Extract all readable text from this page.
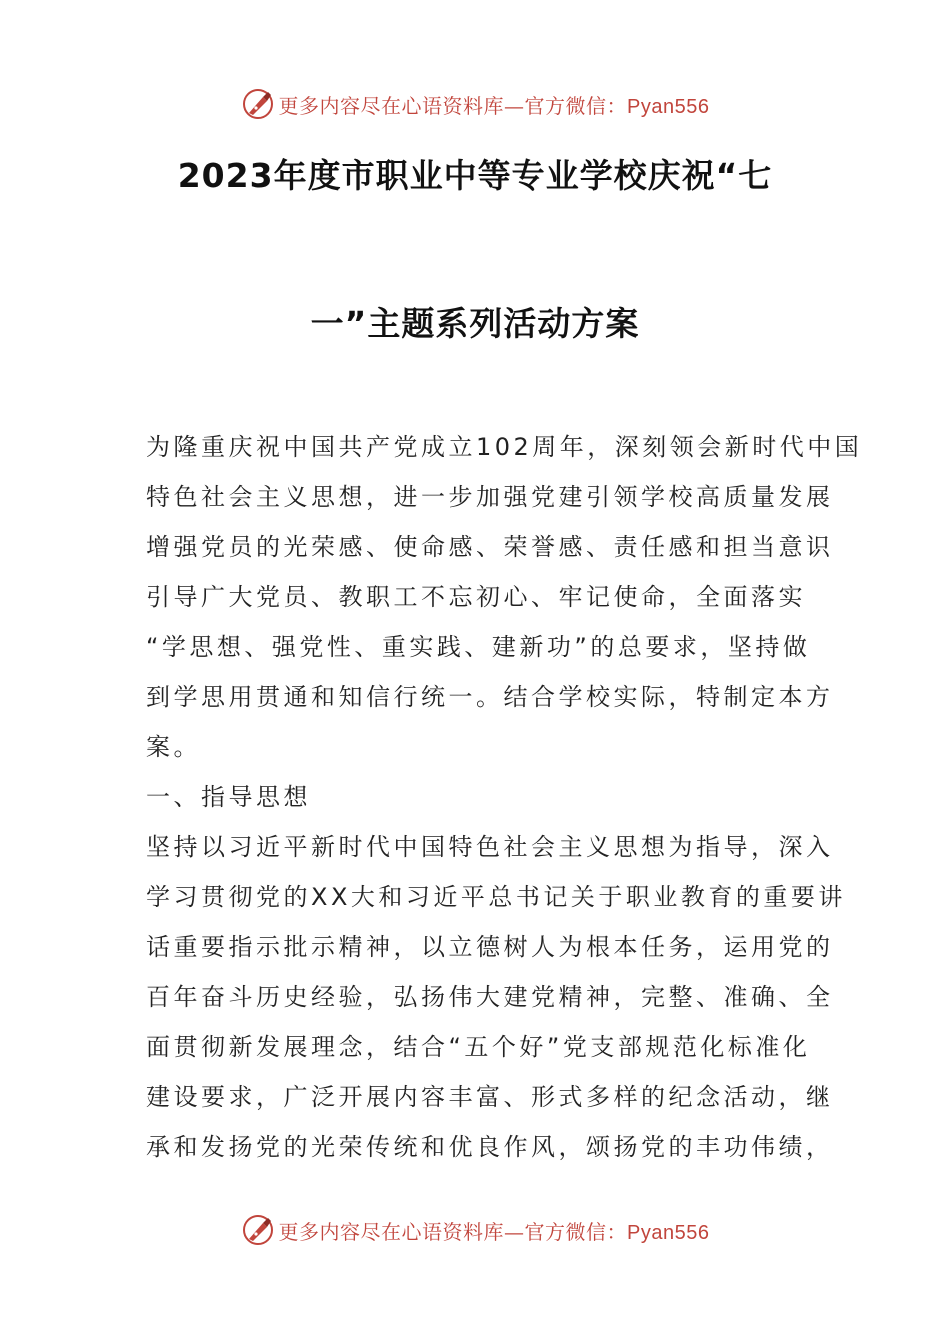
更多内容尽在心语资料库—官方微信：Pyan556
2023年度市职业中等专业学校庆祝“七
一”主题系列活动方案
为隆重庆祝中国共产党成立102周年，深刻领会新时代中国
特色社会主义思想，进一步加强党建引领学校高质量发展
增强党员的光荣感、使命感、荣誉感、责任感和担当意识
引导广大党员、教职工不忘初心、牢记使命，全面落实
“学思想、强党性、重实践、建新功”的总要求，坚持做
到学思用贯通和知信行统一。结合学校实际，特制定本方
案。
一、指导思想
坚持以习近平新时代中国特色社会主义思想为指导，深入
学习贯彻党的XX大和习近平总书记关于职业教育的重要讲
话重要指示批示精神，以立德树人为根本任务，运用党的
百年奋斗历史经验，弘扬伟大建党精神，完整、准确、全
面贯彻新发展理念，结合“五个好”党支部规范化标准化
建设要求，广泛开展内容丰富、形式多样的纪念活动，继
承和发扬党的光荣传统和优良作风，颂扬党的丰功伟绩，
更多内容尽在心语资料库—官方微信：Pyan556
